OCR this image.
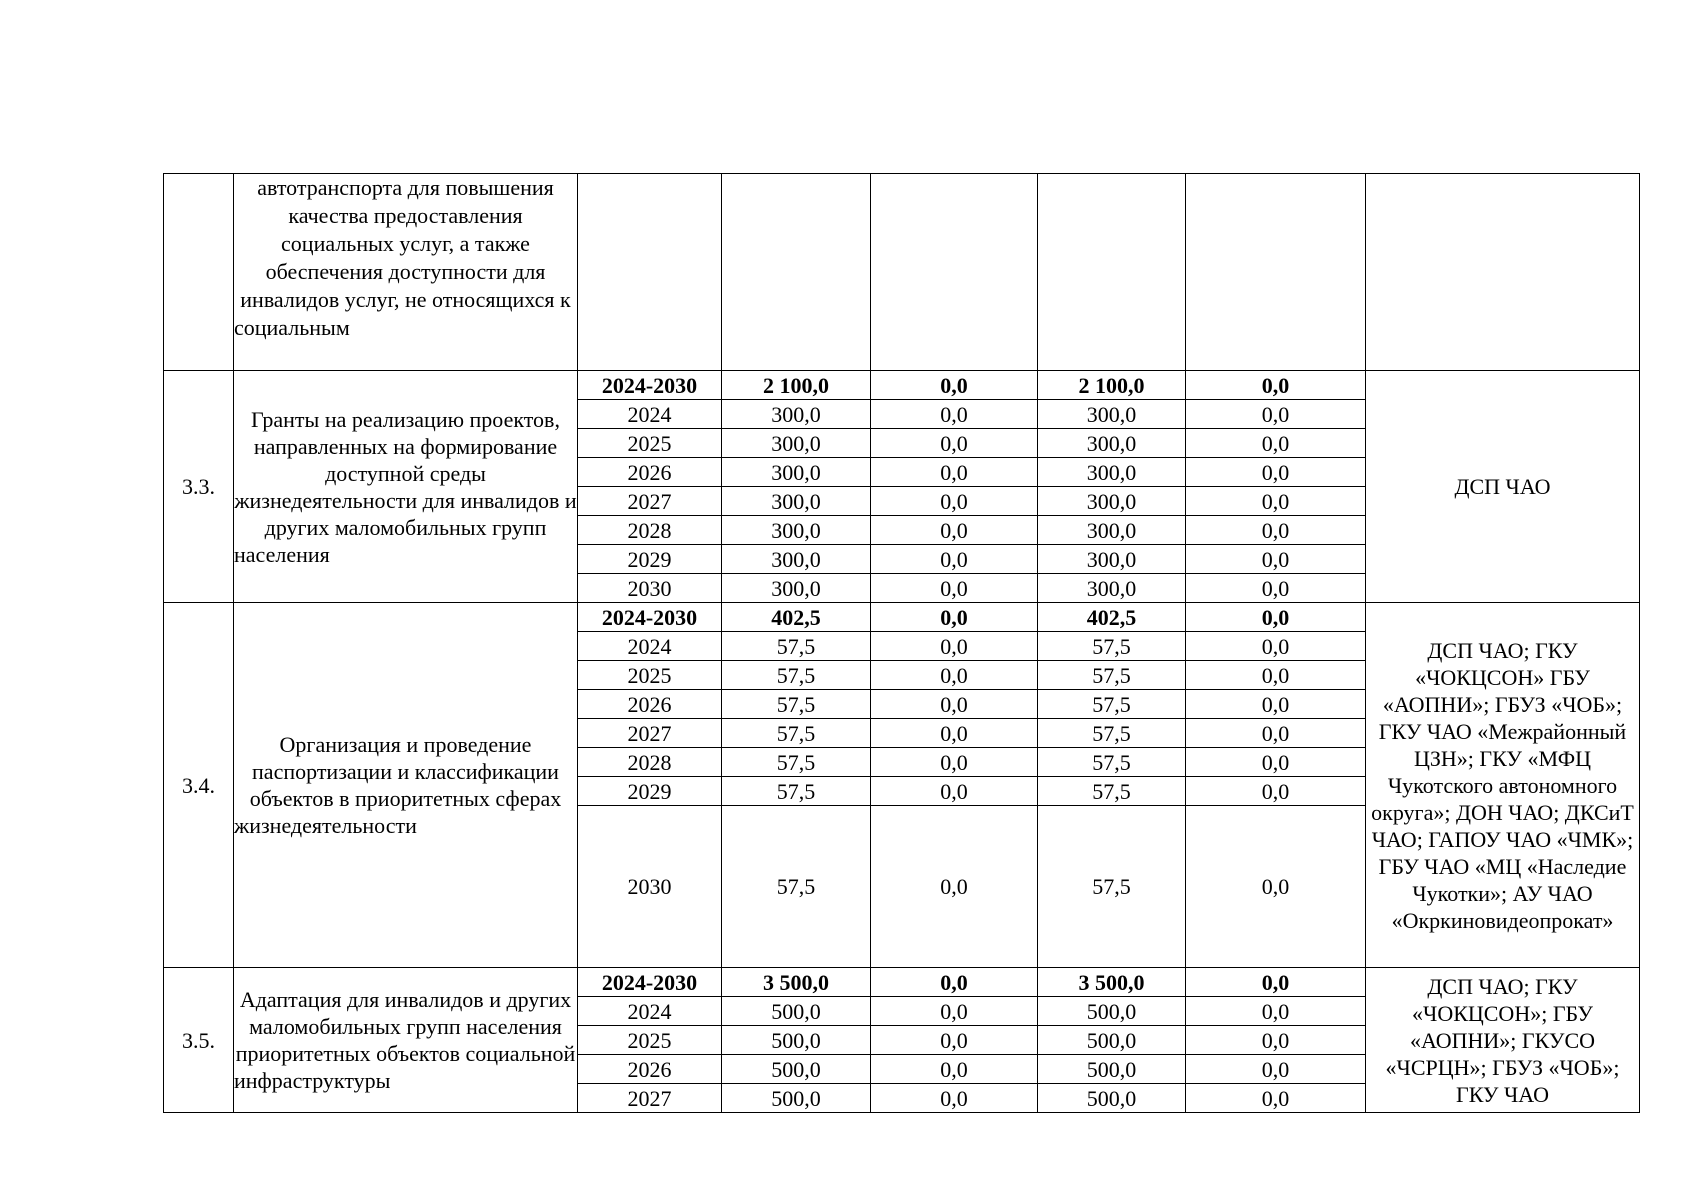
	автотранспорта для повышения качества предоставления социальных услуг, а также обеспечения доступности для инвалидов услуг, не относящихся к социальным						
3.3.	Гранты на реализацию проектов, направленных на формирование доступной среды жизнедеятельности для инвалидов и других маломобильных групп населения	2024-2030	2 100,0	0,0	2 100,0	0,0	ДСП ЧАО
		2024	300,0	0,0	300,0	0,0	
		2025	300,0	0,0	300,0	0,0	
		2026	300,0	0,0	300,0	0,0	
		2027	300,0	0,0	300,0	0,0	
		2028	300,0	0,0	300,0	0,0	
		2029	300,0	0,0	300,0	0,0	
		2030	300,0	0,0	300,0	0,0	
3.4.	Организация и проведение паспортизации и классификации объектов в приоритетных сферах жизнедеятельности	2024-2030	402,5	0,0	402,5	0,0	ДСП ЧАО; ГКУ «ЧОКЦСОН» ГБУ «АОПНИ»; ГБУЗ «ЧОБ»; ГКУ ЧАО «Межрайонный ЦЗН»; ГКУ «МФЦ Чукотского автономного округа»; ДОН ЧАО; ДКСиТ ЧАО; ГАПОУ ЧАО «ЧМК»; ГБУ ЧАО «МЦ «Наследие Чукотки»; АУ ЧАО «Окркиновидеопрокат»
		2024	57,5	0,0	57,5	0,0	
		2025	57,5	0,0	57,5	0,0	
		2026	57,5	0,0	57,5	0,0	
		2027	57,5	0,0	57,5	0,0	
		2028	57,5	0,0	57,5	0,0	
		2029	57,5	0,0	57,5	0,0	
		2030	57,5	0,0	57,5	0,0	
3.5.	Адаптация для инвалидов и других маломобильных групп населения приоритетных объектов социальной инфраструктуры	2024-2030	3 500,0	0,0	3 500,0	0,0	ДСП ЧАО; ГКУ «ЧОКЦСОН»; ГБУ «АОПНИ»; ГКУСО «ЧСРЦН»; ГБУЗ «ЧОБ»; ГКУ ЧАО
		2024	500,0	0,0	500,0	0,0	
		2025	500,0	0,0	500,0	0,0	
		2026	500,0	0,0	500,0	0,0	
		2027	500,0	0,0	500,0	0,0	
